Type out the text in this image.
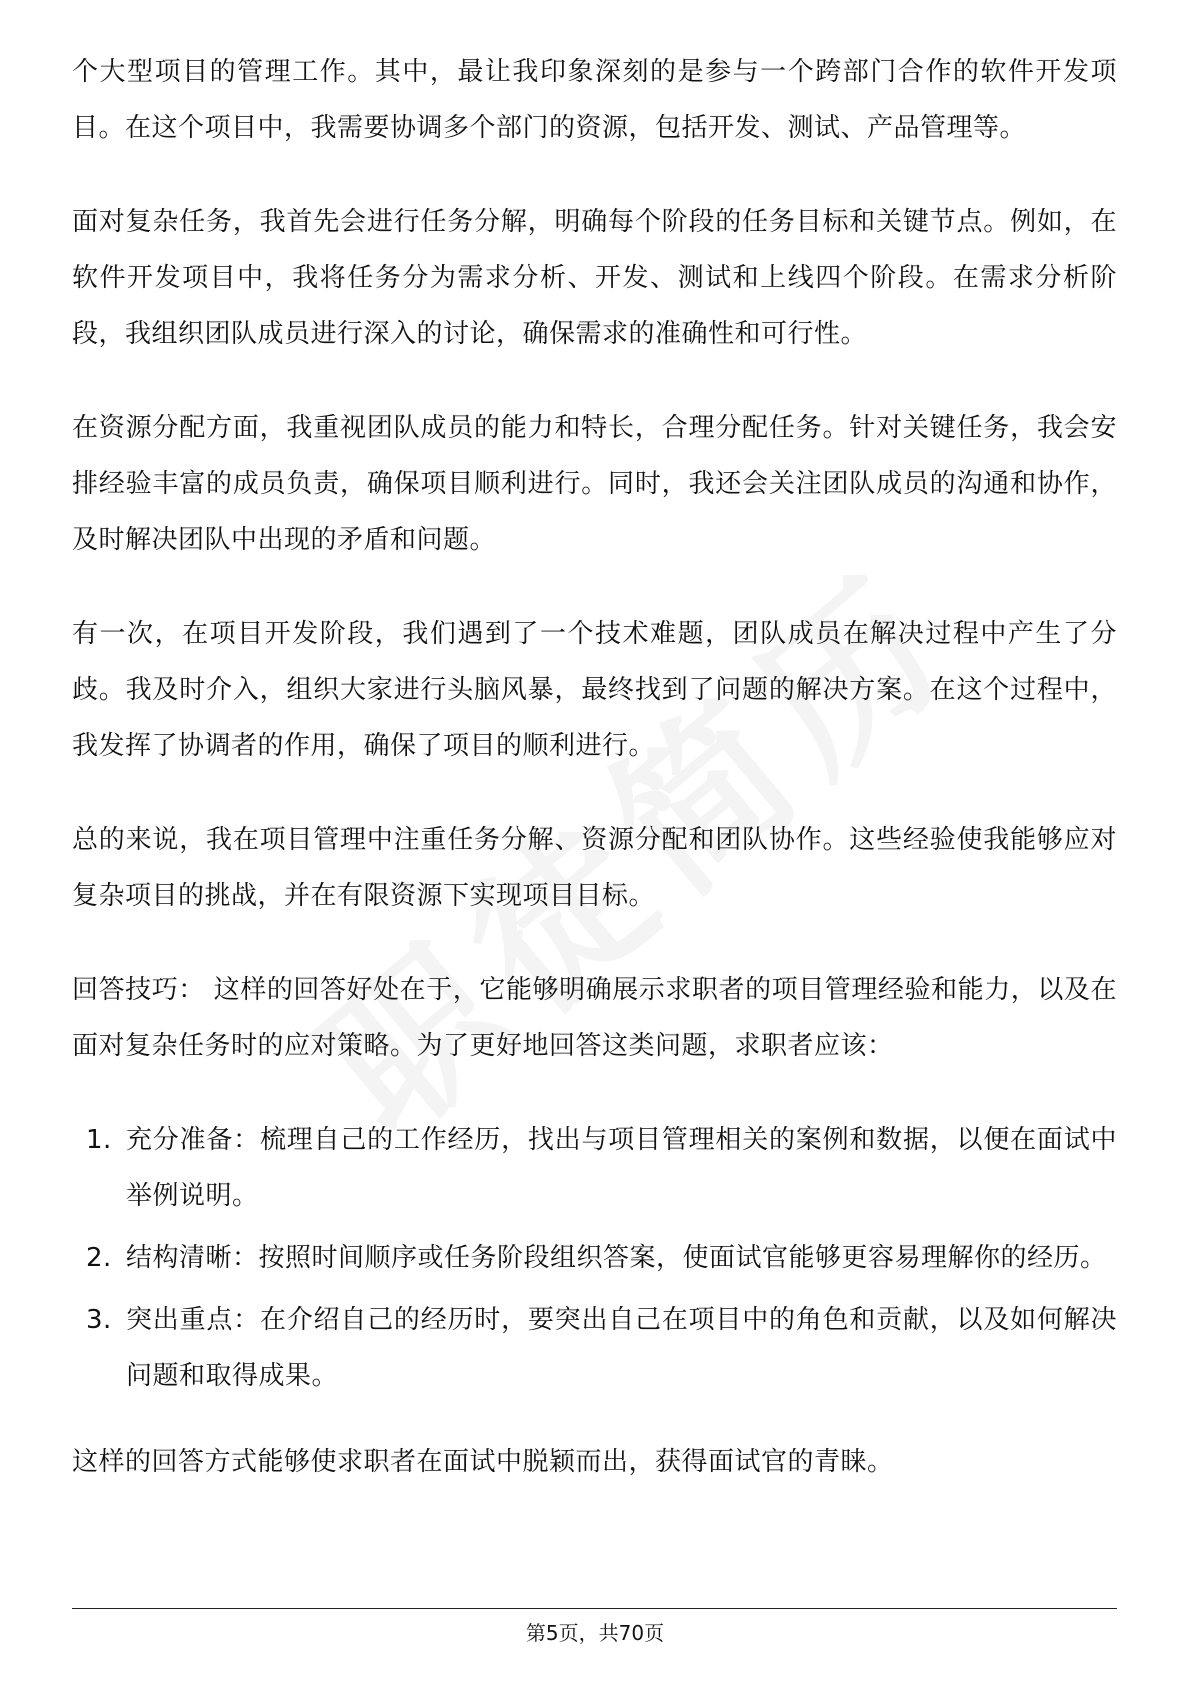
个大型项目的管理工作。其中，最让我印象深刻的是参与一个跨部门合作的软件开发项目。在这个项目中，我需要协调多个部门的资源，包括开发、测试、产品管理等。

面对复杂任务，我首先会进行任务分解，明确每个阶段的任务目标和关键节点。例如，在软件开发项目中，我将任务分为需求分析、开发、测试和上线四个阶段。在需求分析阶段，我组织团队成员进行深入的讨论，确保需求的准确性和可行性。

在资源分配方面，我重视团队成员的能力和特长，合理分配任务。针对关键任务，我会安排经验丰富的成员负责，确保项目顺利进行。同时，我还会关注团队成员的沟通和协作，及时解决团队中出现的矛盾和问题。

有一次，在项目开发阶段，我们遇到了一个技术难题，团队成员在解决过程中产生了分歧。我及时介入，组织大家进行头脑风暴，最终找到了问题的解决方案。在这个过程中，我发挥了协调者的作用，确保了项目的顺利进行。

总的来说，我在项目管理中注重任务分解、资源分配和团队协作。这些经验使我能够应对复杂项目的挑战，并在有限资源下实现项目目标。

回答技巧： 这样的回答好处在于，它能够明确展示求职者的项目管理经验和能力，以及在面对复杂任务时的应对策略。为了更好地回答这类问题，求职者应该：

1. 充分准备：梳理自己的工作经历，找出与项目管理相关的案例和数据，以便在面试中举例说明。
2. 结构清晰：按照时间顺序或任务阶段组织答案，使面试官能够更容易理解你的经历。
3. 突出重点：在介绍自己的经历时，要突出自己在项目中的角色和贡献，以及如何解决问题和取得成果。

这样的回答方式能够使求职者在面试中脱颖而出，获得面试官的青睐。

第5页，共70页
